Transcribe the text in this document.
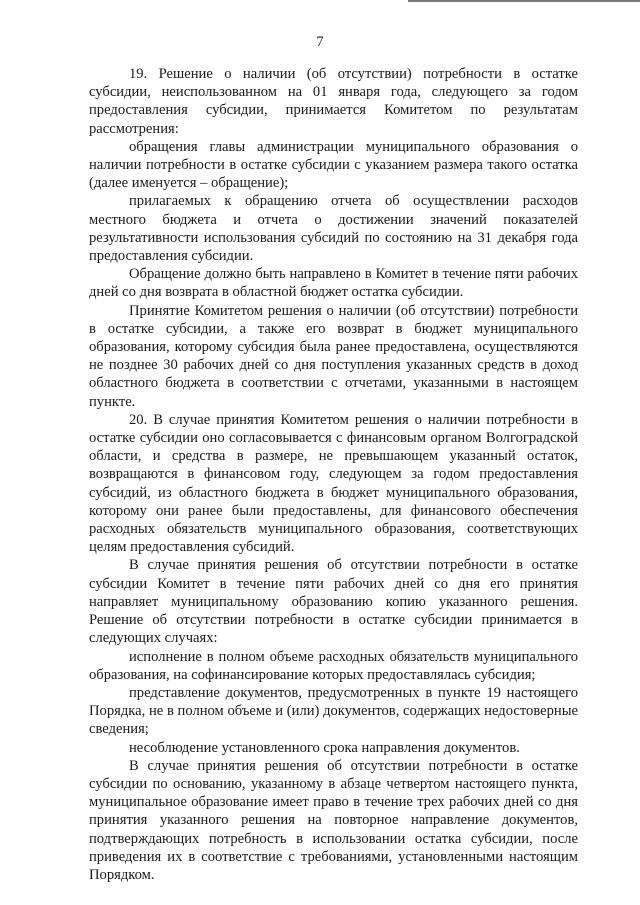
7

19. Решение о наличии (об отсутствии) потребности в остатке субсидии, неиспользованном на 01 января года, следующего за годом предоставления субсидии, принимается Комитетом по результатам рассмотрения:

обращения главы администрации муниципального образования о наличии потребности в остатке субсидии с указанием размера такого остатка (далее именуется – обращение);

прилагаемых к обращению отчета об осуществлении расходов местного бюджета и отчета о достижении значений показателей результативности использования субсидий по состоянию на 31 декабря года предоставления субсидии.

Обращение должно быть направлено в Комитет в течение пяти рабочих дней со дня возврата в областной бюджет остатка субсидии.

Принятие Комитетом решения о наличии (об отсутствии) потребности в остатке субсидии, а также его возврат в бюджет муниципального образования, которому субсидия была ранее предоставлена, осуществляются не позднее 30 рабочих дней со дня поступления указанных средств в доход областного бюджета в соответствии с отчетами, указанными в настоящем пункте.

20. В случае принятия Комитетом решения о наличии потребности в остатке субсидии оно согласовывается с финансовым органом Волгоградской области, и средства в размере, не превышающем указанный остаток, возвращаются в финансовом году, следующем за годом предоставления субсидий, из областного бюджета в бюджет муниципального образования, которому они ранее были предоставлены, для финансового обеспечения расходных обязательств муниципального образования, соответствующих целям предоставления субсидий.

В случае принятия решения об отсутствии потребности в остатке субсидии Комитет в течение пяти рабочих дней со дня его принятия направляет муниципальному образованию копию указанного решения. Решение об отсутствии потребности в остатке субсидии принимается в следующих случаях:

исполнение в полном объеме расходных обязательств муниципального образования, на софинансирование которых предоставлялась субсидия;

представление документов, предусмотренных в пункте 19 настоящего Порядка, не в полном объеме и (или) документов, содержащих недостоверные сведения;

несоблюдение установленного срока направления документов.

В случае принятия решения об отсутствии потребности в остатке субсидии по основанию, указанному в абзаце четвертом настоящего пункта, муниципальное образование имеет право в течение трех рабочих дней со дня принятия указанного решения на повторное направление документов, подтверждающих потребность в использовании остатка субсидии, после приведения их в соответствие с требованиями, установленными настоящим Порядком.
